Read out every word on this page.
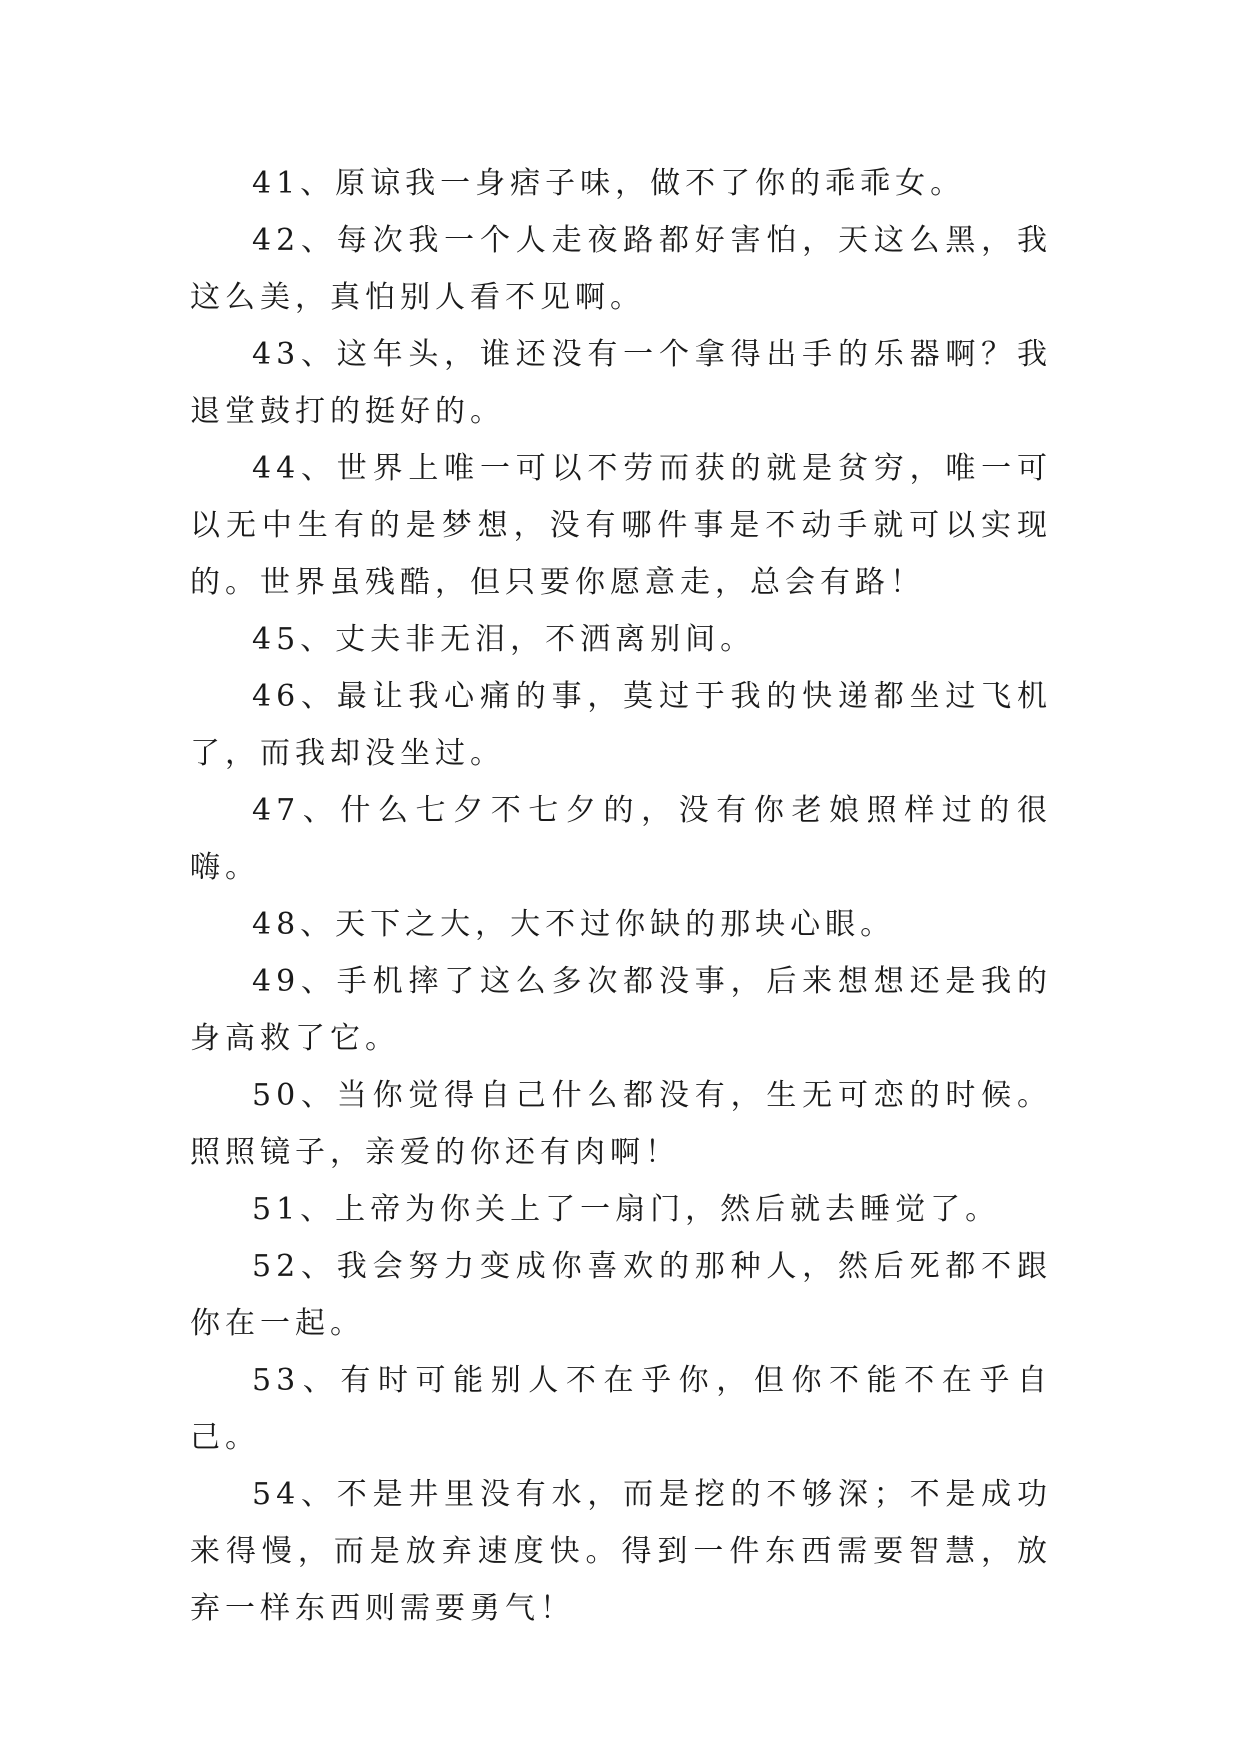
41、原谅我一身痞子味，做不了你的乖乖女。

42、每次我一个人走夜路都好害怕，天这么黑，我这么美，真怕别人看不见啊。

43、这年头，谁还没有一个拿得出手的乐器啊？我退堂鼓打的挺好的。

44、世界上唯一可以不劳而获的就是贫穷，唯一可以无中生有的是梦想，没有哪件事是不动手就可以实现的。世界虽残酷，但只要你愿意走，总会有路！

45、丈夫非无泪，不洒离别间。

46、最让我心痛的事，莫过于我的快递都坐过飞机了，而我却没坐过。

47、什么七夕不七夕的，没有你老娘照样过的很嗨。

48、天下之大，大不过你缺的那块心眼。

49、手机摔了这么多次都没事，后来想想还是我的身高救了它。

50、当你觉得自己什么都没有，生无可恋的时候。照照镜子，亲爱的你还有肉啊！

51、上帝为你关上了一扇门，然后就去睡觉了。

52、我会努力变成你喜欢的那种人，然后死都不跟你在一起。

53、有时可能别人不在乎你，但你不能不在乎自己。

54、不是井里没有水，而是挖的不够深；不是成功来得慢，而是放弃速度快。得到一件东西需要智慧，放弃一样东西则需要勇气！
